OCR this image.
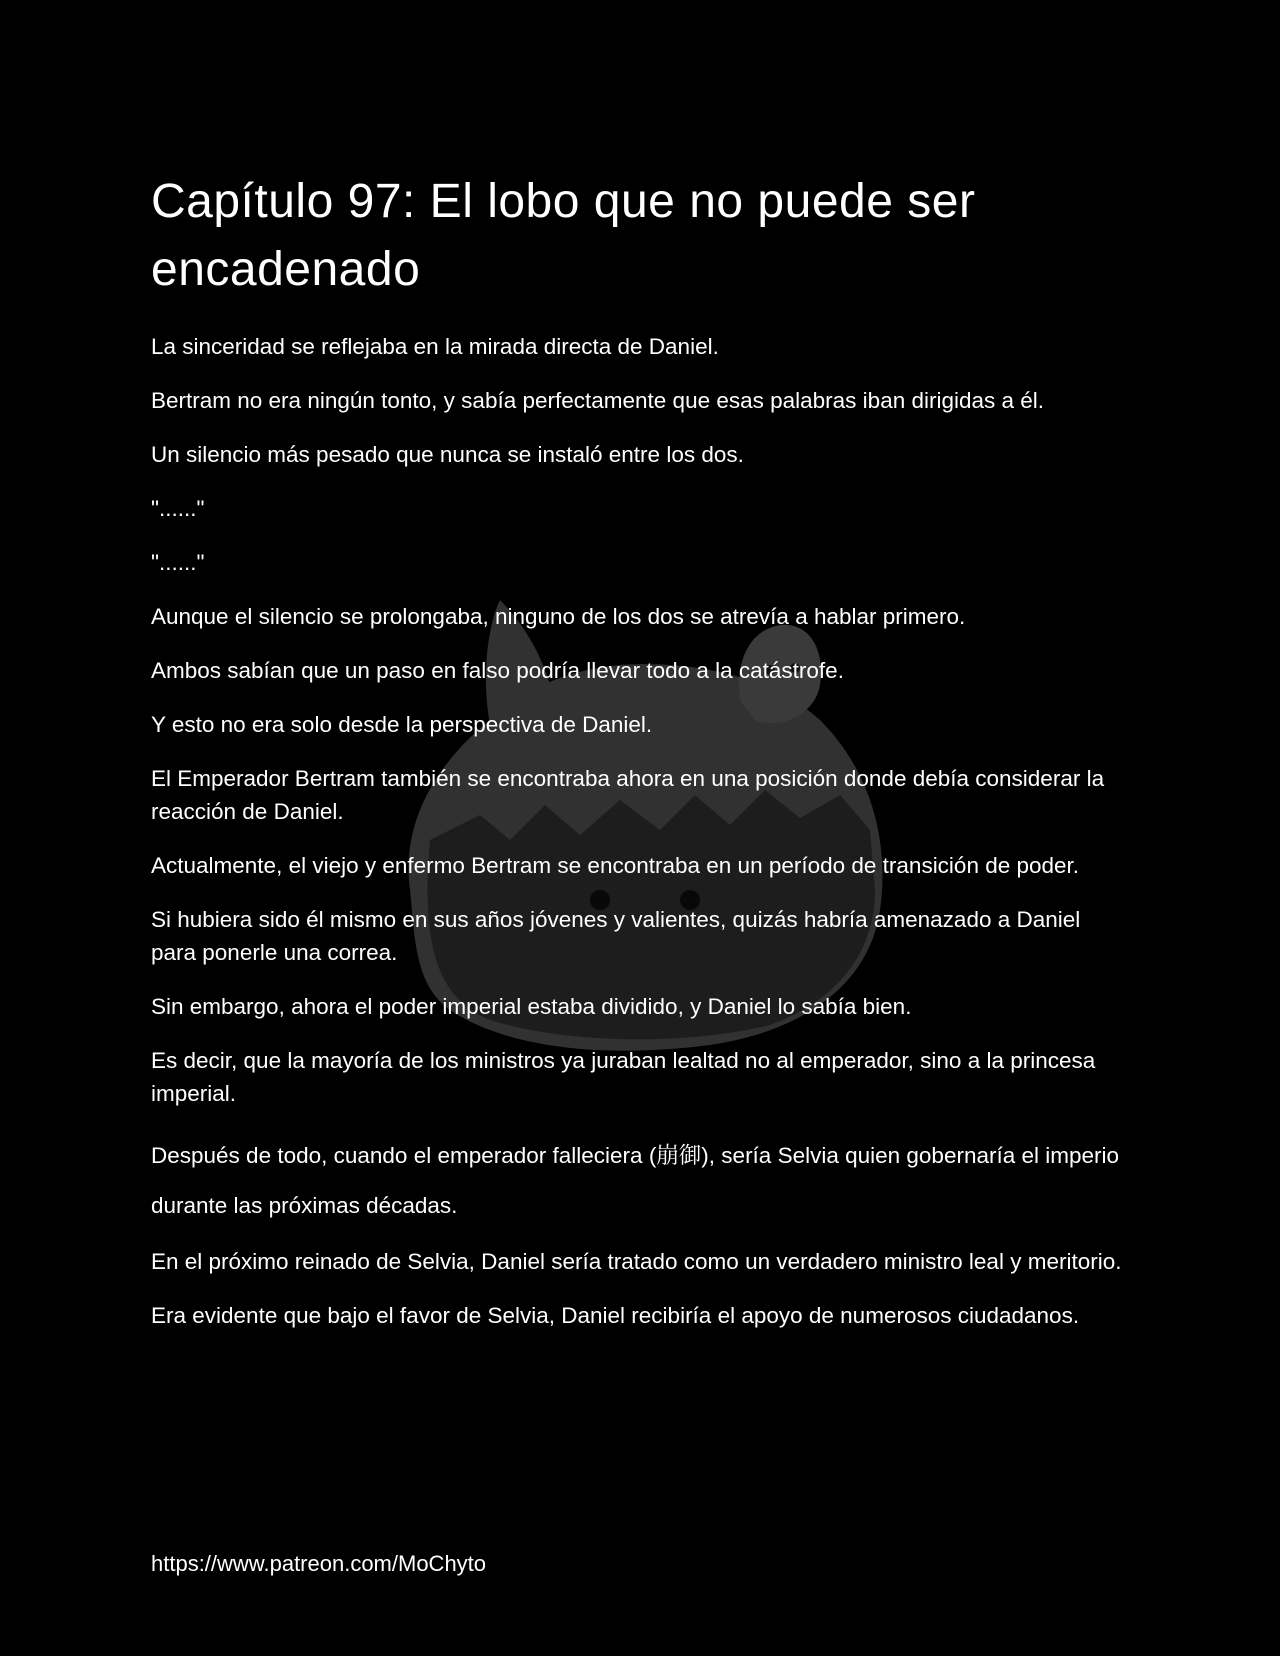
Capítulo 97: El lobo que no puede ser encadenado

La sinceridad se reflejaba en la mirada directa de Daniel.

Bertram no era ningún tonto, y sabía perfectamente que esas palabras iban dirigidas a él.

Un silencio más pesado que nunca se instaló entre los dos.

"......"

"......"

Aunque el silencio se prolongaba, ninguno de los dos se atrevía a hablar primero.

Ambos sabían que un paso en falso podría llevar todo a la catástrofe.

Y esto no era solo desde la perspectiva de Daniel.

El Emperador Bertram también se encontraba ahora en una posición donde debía considerar la reacción de Daniel.

Actualmente, el viejo y enfermo Bertram se encontraba en un período de transición de poder.

Si hubiera sido él mismo en sus años jóvenes y valientes, quizás habría amenazado a Daniel para ponerle una correa.

Sin embargo, ahora el poder imperial estaba dividido, y Daniel lo sabía bien.

Es decir, que la mayoría de los ministros ya juraban lealtad no al emperador, sino a la princesa imperial.

Después de todo, cuando el emperador falleciera (崩御), sería Selvia quien gobernaría el imperio durante las próximas décadas.

En el próximo reinado de Selvia, Daniel sería tratado como un verdadero ministro leal y meritorio.

Era evidente que bajo el favor de Selvia, Daniel recibiría el apoyo de numerosos ciudadanos.

https://www.patreon.com/MoChyto
